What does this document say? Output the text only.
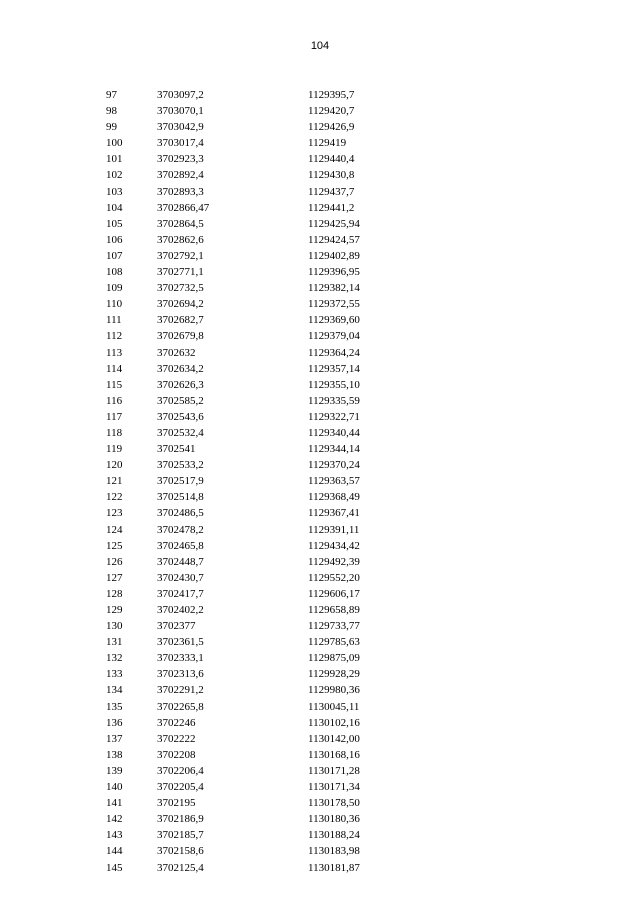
104
97	3703097,2	1129395,7
98	3703070,1	1129420,7
99	3703042,9	1129426,9
100	3703017,4	1129419
101	3702923,3	1129440,4
102	3702892,4	1129430,8
103	3702893,3	1129437,7
104	3702866,47	1129441,2
105	3702864,5	1129425,94
106	3702862,6	1129424,57
107	3702792,1	1129402,89
108	3702771,1	1129396,95
109	3702732,5	1129382,14
110	3702694,2	1129372,55
111	3702682,7	1129369,60
112	3702679,8	1129379,04
113	3702632	1129364,24
114	3702634,2	1129357,14
115	3702626,3	1129355,10
116	3702585,2	1129335,59
117	3702543,6	1129322,71
118	3702532,4	1129340,44
119	3702541	1129344,14
120	3702533,2	1129370,24
121	3702517,9	1129363,57
122	3702514,8	1129368,49
123	3702486,5	1129367,41
124	3702478,2	1129391,11
125	3702465,8	1129434,42
126	3702448,7	1129492,39
127	3702430,7	1129552,20
128	3702417,7	1129606,17
129	3702402,2	1129658,89
130	3702377	1129733,77
131	3702361,5	1129785,63
132	3702333,1	1129875,09
133	3702313,6	1129928,29
134	3702291,2	1129980,36
135	3702265,8	1130045,11
136	3702246	1130102,16
137	3702222	1130142,00
138	3702208	1130168,16
139	3702206,4	1130171,28
140	3702205,4	1130171,34
141	3702195	1130178,50
142	3702186,9	1130180,36
143	3702185,7	1130188,24
144	3702158,6	1130183,98
145	3702125,4	1130181,87
